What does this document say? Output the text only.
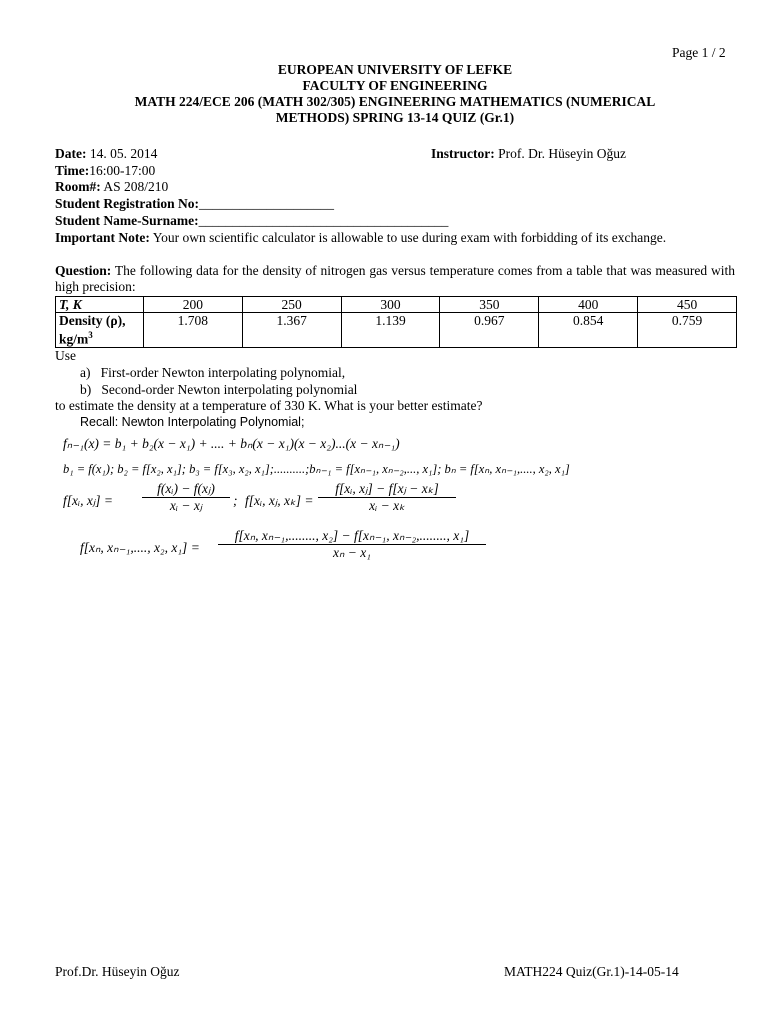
Page 1 / 2
EUROPEAN UNIVERSITY OF LEFKE
FACULTY OF ENGINEERING
MATH 224/ECE 206 (MATH 302/305) ENGINEERING MATHEMATICS (NUMERICAL
METHODS) SPRING 13-14 QUIZ (Gr.1)
Date: 14. 05. 2014	Instructor: Prof. Dr. Hüseyin Oğuz
Time:16:00-17:00
Room#: AS 208/210
Student Registration No:____________________
Student Name-Surname:_____________________________________
Important Note: Your own scientific calculator is allowable to use during exam with forbidding of its exchange.
Question: The following data for the density of nitrogen gas versus temperature comes from a table that was measured with high precision:
T, K	200	250	300	350	400	450

Density (ρ),
$kg/m^3$	1.708	1.367	1.139	0.967	0.854	0.759
Use
a)   First-order Newton interpolating polynomial,
b)   Second-order Newton interpolating polynomial
to estimate the density at a temperature of 330 K. What is your better estimate?
Recall: Newton Interpolating Polynomial;
fₙ₋₁(x) = b₁ + b₂(x − x₁) + .... + bₙ(x − x₁)(x − x₂)...(x − xₙ₋₁)
b₁ = f(x₁); b₂ = f[x₂, x₁]; b₃ = f[x₃, x₂, x₁];..........;bₙ₋₁ = f[xₙ₋₁, xₙ₋₂,..., x₁]; bₙ = f[xₙ, xₙ₋₁,...., x₂, x₁]
f[xᵢ, xⱼ] = $\frac{\text{f(xᵢ) − f(xⱼ)}}{\text{xᵢ − xⱼ}}$ ; f[xᵢ, xⱼ, $x_k] = \frac{\text{f[xᵢ, xⱼ] − f[xⱼ − xₖ]}}{\text{xᵢ − xₖ}}$
f[xₙ, xₙ₋₁,...., x₂, $x_1] = \frac{\text{f[xₙ, xₙ₋₁,........, x₂] − f[xₙ₋₁, xₙ₋₂,........, x₁]}}{\text{xₙ − x₁}}$
Prof.Dr. Hüseyin Oğuz	MATH224 Quiz(Gr.1)-14-05-14
